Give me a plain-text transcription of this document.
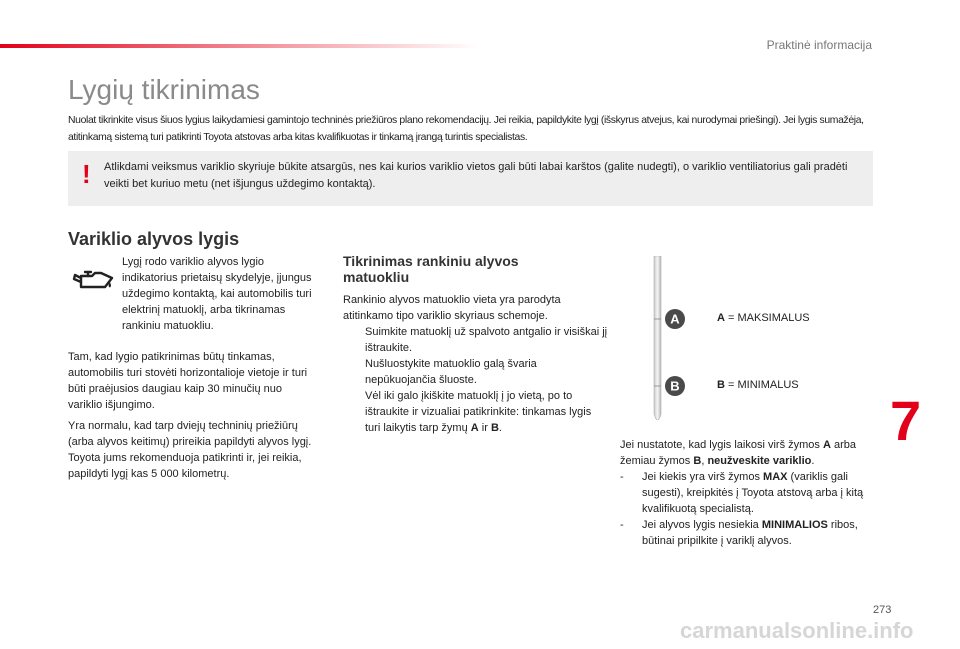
Praktinė informacija
Lygių tikrinimas

Nuolat tikrinkite visus šiuos lygius laikydamiesi gamintojo techninės priežiūros plano rekomendacijų. Jei reikia, papildykite lygį (išskyrus atvejus, kai nurodymai priešingi). Jei lygis sumažėja, atitinkamą sistemą turi patikrinti Toyota atstovas arba kitas kvalifikuotas ir tinkamą įrangą turintis specialistas.

! Atlikdami veiksmus variklio skyriuje būkite atsargūs, nes kai kurios variklio vietos gali būti labai karštos (galite nudegti), o variklio ventiliatorius gali pradėti veikti bet kuriuo metu (net išjungus uždegimo kontaktą).

Variklio alyvos lygis

Lygį rodo variklio alyvos lygio indikatorius prietaisų skydelyje, įjungus uždegimo kontaktą, kai automobilis turi elektrinį matuoklį, arba tikrinamas rankiniu matuokliu.

Tam, kad lygio patikrinimas būtų tinkamas, automobilis turi stovėti horizontalioje vietoje ir turi būti praėjusios daugiau kaip 30 minučių nuo variklio išjungimo.

Yra normalu, kad tarp dviejų techninių priežiūrų (arba alyvos keitimų) prireikia papildyti alyvos lygį. Toyota jums rekomenduoja patikrinti ir, jei reikia, papildyti lygį kas 5 000 kilometrų.

Tikrinimas rankiniu alyvos matuokliu

Rankinio alyvos matuoklio vieta yra parodyta atitinkamo tipo variklio skyriaus schemoje.

Suimkite matuoklį už spalvoto antgalio ir visiškai jį ištraukite.
Nušluostykite matuoklio galą švaria nepūkuojančia šluoste.
Vėl iki galo įkiškite matuoklį į jo vietą, po to ištraukite ir vizualiai patikrinkite: tinkamas lygis turi laikytis tarp žymų A ir B.
A
B
A = MAKSIMALUS
B = MINIMALUS

Jei nustatote, kad lygis laikosi virš žymos A arba žemiau žymos B, neužveskite variklio.

- Jei kiekis yra virš žymos MAX (variklis gali sugesti), kreipkitės į Toyota atstovą arba į kitą kvalifikuotą specialistą.
- Jei alyvos lygis nesiekia MINIMALIOS ribos, būtinai pripilkite į variklį alyvos.
7
273
carmanualsonline.info
